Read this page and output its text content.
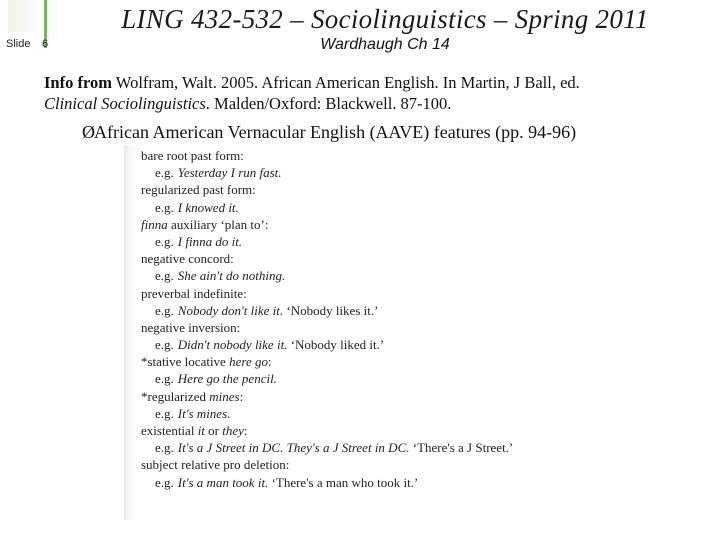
Slide 6
LING 432-532 – Sociolinguistics – Spring 2011
Wardhaugh Ch 14
Info from Wolfram, Walt. 2005. African American English. In Martin, J Ball, ed.
Clinical Sociolinguistics. Malden/Oxford: Blackwell. 87-100.
ØAfrican American Vernacular English (AAVE) features (pp. 94-96)
bare root past form:
e.g. Yesterday I run fast.
regularized past form:
e.g. I knowed it.
finna auxiliary ‘plan to’:
e.g. I finna do it.
negative concord:
e.g. She ain't do nothing.
preverbal indefinite:
e.g. Nobody don't like it. ‘Nobody likes it.’
negative inversion:
e.g. Didn't nobody like it. ‘Nobody liked it.’
*stative locative here go:
e.g. Here go the pencil.
*regularized mines:
e.g. It's mines.
existential it or they:
e.g. It's a J Street in DC. They's a J Street in DC. ‘There's a J Street.’
subject relative pro deletion:
e.g. It's a man took it. ‘There's a man who took it.’
